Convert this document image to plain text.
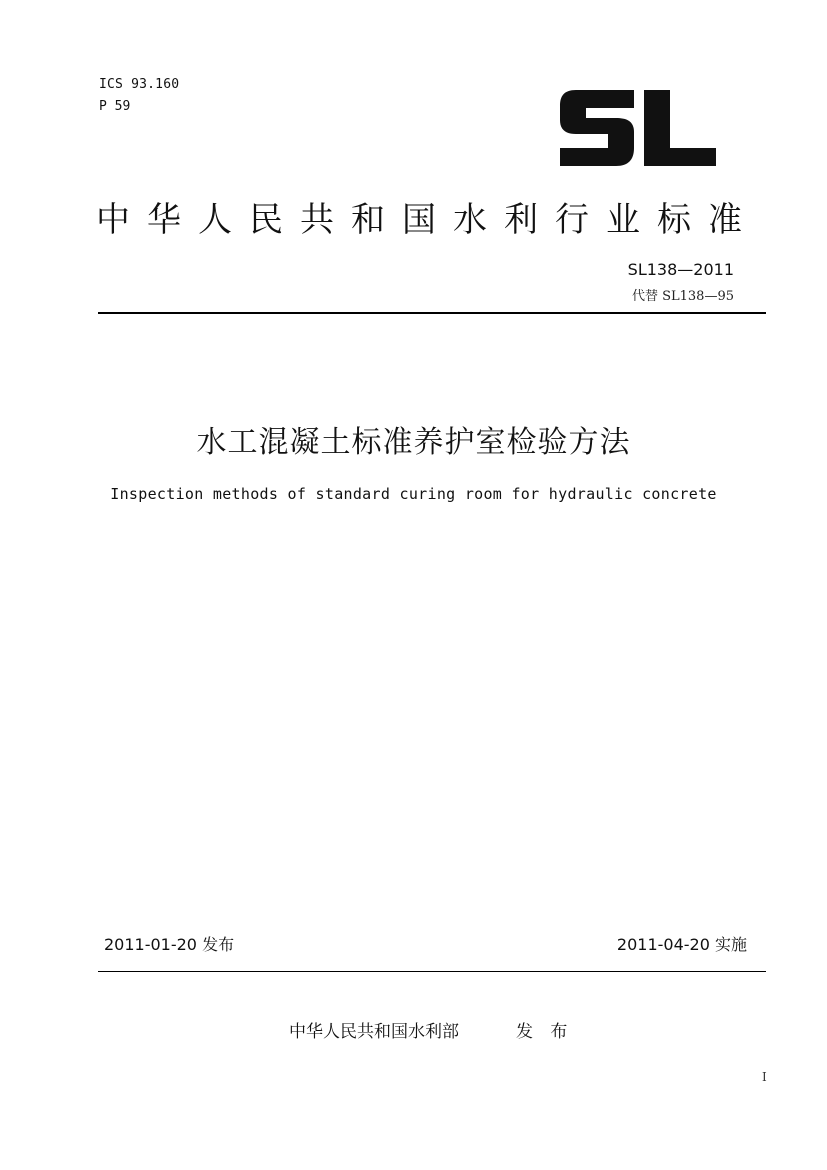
ICS 93.160
P 59
中华人民共和国水利行业标准
SL138—2011
代替 SL138—95
水工混凝土标准养护室检验方法
Inspection methods of standard curing room for hydraulic concrete
2011-01-20 发布	2011-04-20 实施
中华人民共和国水利部	发 布
I
